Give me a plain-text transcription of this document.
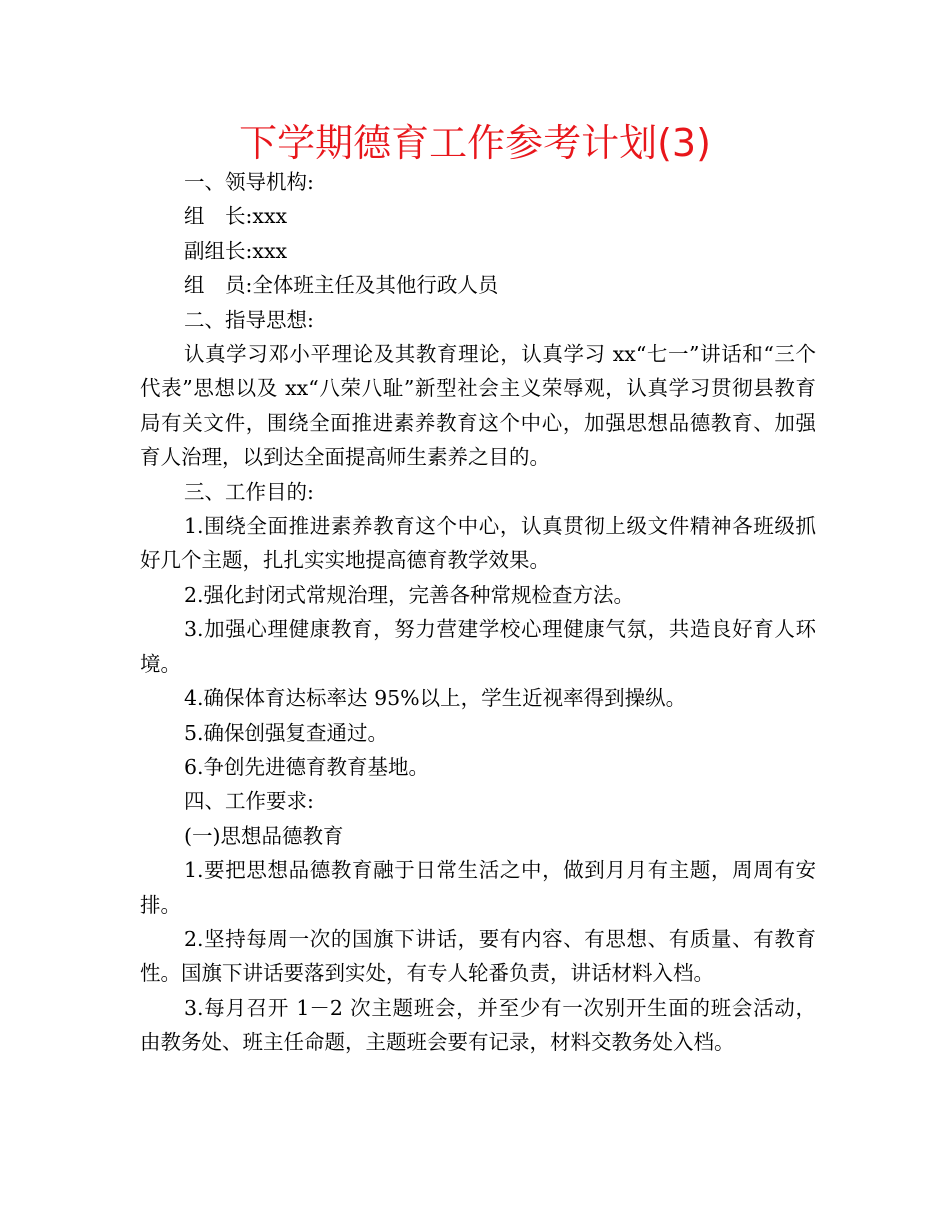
下学期德育工作参考计划(3)

一、领导机构:

组　长:xxx

副组长:xxx

组　员:全体班主任及其他行政人员

二、指导思想:

认真学习邓小平理论及其教育理论，认真学习 xx“七一”讲话和“三个代表”思想以及 xx“八荣八耻”新型社会主义荣辱观，认真学习贯彻县教育局有关文件，围绕全面推进素养教育这个中心，加强思想品德教育、加强育人治理，以到达全面提高师生素养之目的。

三、工作目的:

1.围绕全面推进素养教育这个中心，认真贯彻上级文件精神各班级抓好几个主题，扎扎实实地提高德育教学效果。

2.强化封闭式常规治理，完善各种常规检查方法。

3.加强心理健康教育，努力营建学校心理健康气氛，共造良好育人环境。

4.确保体育达标率达 95%以上，学生近视率得到操纵。

5.确保创强复查通过。

6.争创先进德育教育基地。

四、工作要求:

(一)思想品德教育

1.要把思想品德教育融于日常生活之中，做到月月有主题，周周有安排。

2.坚持每周一次的国旗下讲话，要有内容、有思想、有质量、有教育性。国旗下讲话要落到实处，有专人轮番负责，讲话材料入档。

3.每月召开 1－2 次主题班会，并至少有一次别开生面的班会活动，由教务处、班主任命题，主题班会要有记录，材料交教务处入档。
